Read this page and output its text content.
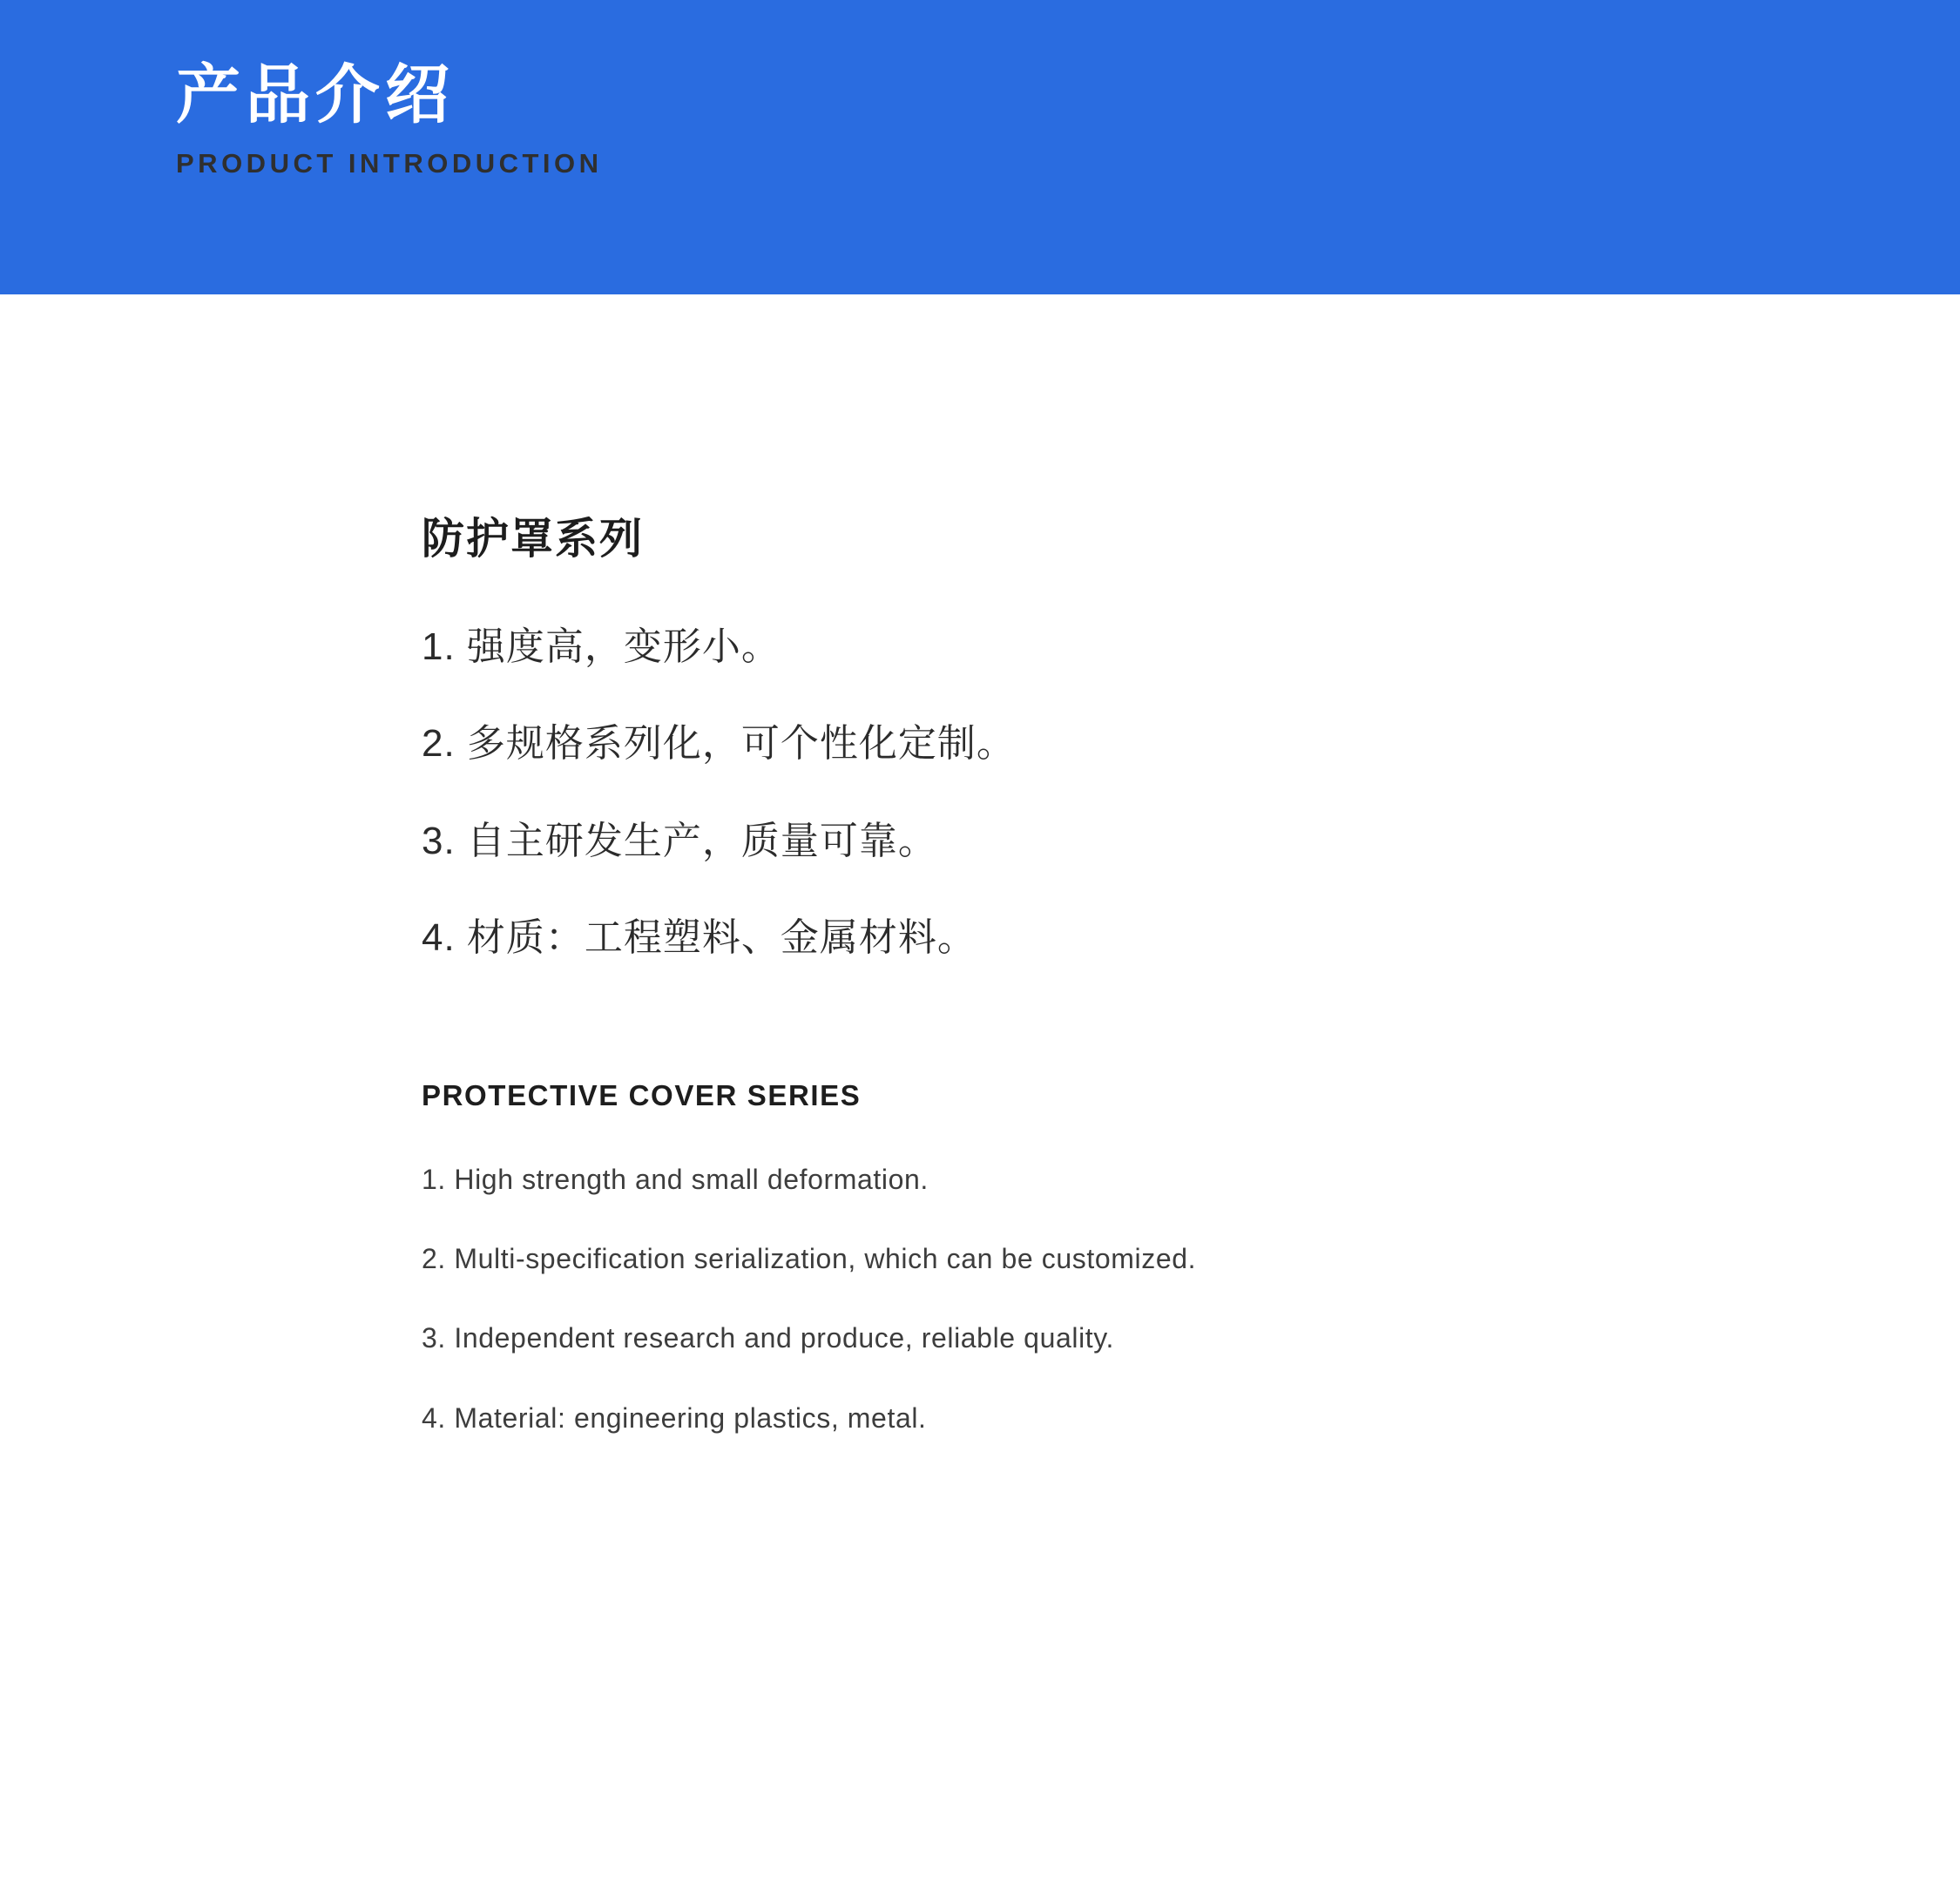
产品介绍
PRODUCT INTRODUCTION
防护罩系列
1. 强度高，变形小。
2. 多规格系列化，可个性化定制。
3. 自主研发生产，质量可靠。
4. 材质：工程塑料、金属材料。
PROTECTIVE COVER SERIES
1. High strength and small deformation.
2. Multi-specification serialization, which can be customized.
3. Independent research and produce, reliable quality.
4. Material: engineering plastics, metal.
